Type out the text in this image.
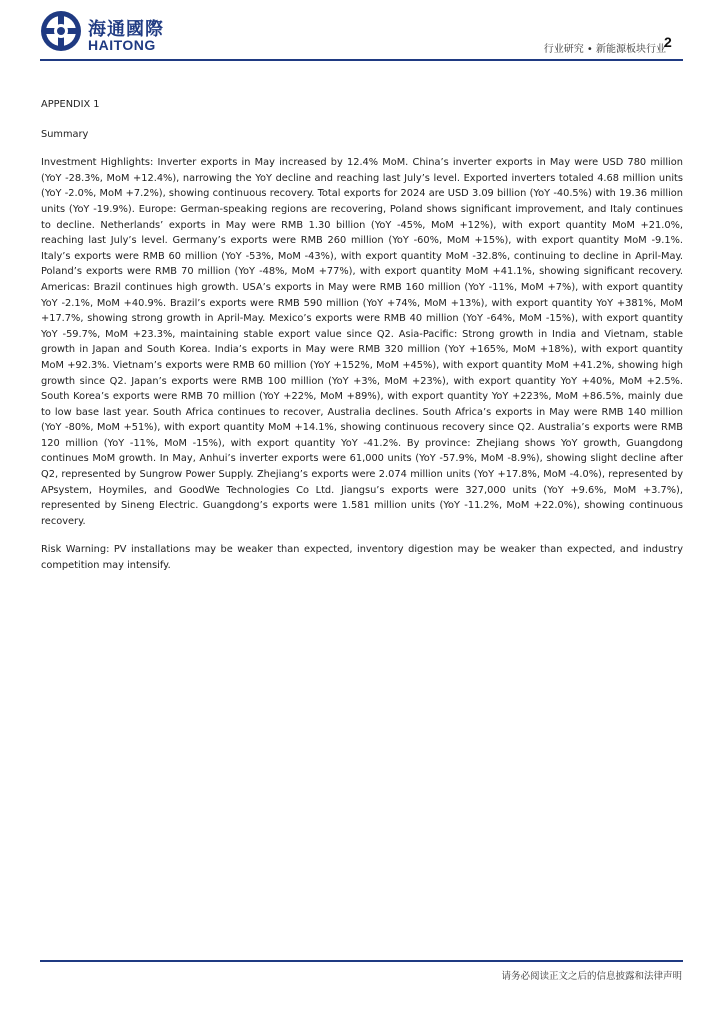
海通國際
HAITONG	行业研究 • 新能源板块行业
2

APPENDIX 1

Summary

Investment Highlights: Inverter exports in May increased by 12.4% MoM. China’s inverter exports in May were USD 780 million (YoY -28.3%, MoM +12.4%), narrowing the YoY decline and reaching last July’s level. Exported inverters totaled 4.68 million units (YoY -2.0%, MoM +7.2%), showing continuous recovery. Total exports for 2024 are USD 3.09 billion (YoY -40.5%) with 19.36 million units (YoY -19.9%). Europe: German-speaking regions are recovering, Poland shows significant improvement, and Italy continues to decline. Netherlands’ exports in May were RMB 1.30 billion (YoY -45%, MoM +12%), with export quantity MoM +21.0%, reaching last July’s level. Germany’s exports were RMB 260 million (YoY -60%, MoM +15%), with export quantity MoM -9.1%. Italy’s exports were RMB 60 million (YoY -53%, MoM -43%), with export quantity MoM -32.8%, continuing to decline in April-May. Poland’s exports were RMB 70 million (YoY -48%, MoM +77%), with export quantity MoM +41.1%, showing significant recovery. Americas: Brazil continues high growth. USA’s exports in May were RMB 160 million (YoY -11%, MoM +7%), with export quantity YoY -2.1%, MoM +40.9%. Brazil’s exports were RMB 590 million (YoY +74%, MoM +13%), with export quantity YoY +381%, MoM +17.7%, showing strong growth in April-May. Mexico’s exports were RMB 40 million (YoY -64%, MoM -15%), with export quantity YoY -59.7%, MoM +23.3%, maintaining stable export value since Q2. Asia-Pacific: Strong growth in India and Vietnam, stable growth in Japan and South Korea. India’s exports in May were RMB 320 million (YoY +165%, MoM +18%), with export quantity MoM +92.3%. Vietnam’s exports were RMB 60 million (YoY +152%, MoM +45%), with export quantity MoM +41.2%, showing high growth since Q2. Japan’s exports were RMB 100 million (YoY +3%, MoM +23%), with export quantity YoY +40%, MoM +2.5%. South Korea’s exports were RMB 70 million (YoY +22%, MoM +89%), with export quantity YoY +223%, MoM +86.5%, mainly due to low base last year. South Africa continues to recover, Australia declines. South Africa’s exports in May were RMB 140 million (YoY -80%, MoM +51%), with export quantity MoM +14.1%, showing continuous recovery since Q2. Australia’s exports were RMB 120 million (YoY -11%, MoM -15%), with export quantity YoY -41.2%. By province: Zhejiang shows YoY growth, Guangdong continues MoM growth. In May, Anhui’s inverter exports were 61,000 units (YoY -57.9%, MoM -8.9%), showing slight decline after Q2, represented by Sungrow Power Supply. Zhejiang’s exports were 2.074 million units (YoY +17.8%, MoM -4.0%), represented by APsystem, Hoymiles, and GoodWe Technologies Co Ltd. Jiangsu’s exports were 327,000 units (YoY +9.6%, MoM +3.7%), represented by Sineng Electric. Guangdong’s exports were 1.581 million units (YoY -11.2%, MoM +22.0%), showing continuous recovery.

Risk Warning: PV installations may be weaker than expected, inventory digestion may be weaker than expected, and industry competition may intensify.

请务必阅读正文之后的信息披露和法律声明
